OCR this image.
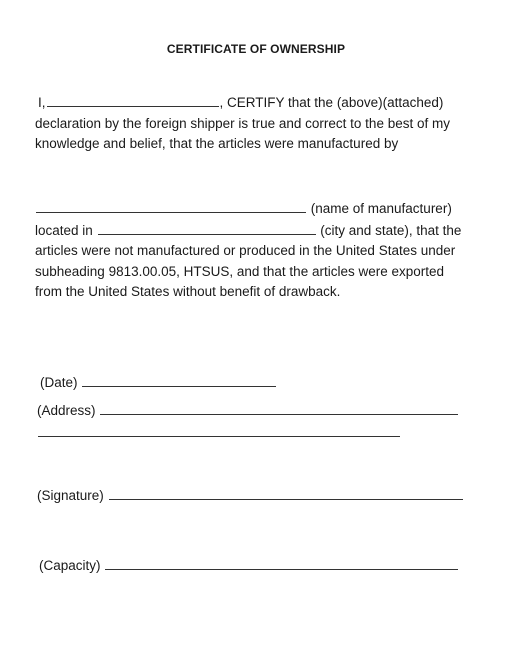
CERTIFICATE OF OWNERSHIP
I,	, CERTIFY that the (above)(attached)
declaration by the foreign shipper is true and correct to the best of my
knowledge and belief, that the articles were manufactured by
(name of manufacturer)
located in	(city and state), that the
articles were not manufactured or produced in the United States under
subheading 9813.00.05, HTSUS, and that the articles were exported
from the United States without benefit of drawback.
(Date)
(Address)
(Signature)
(Capacity)
